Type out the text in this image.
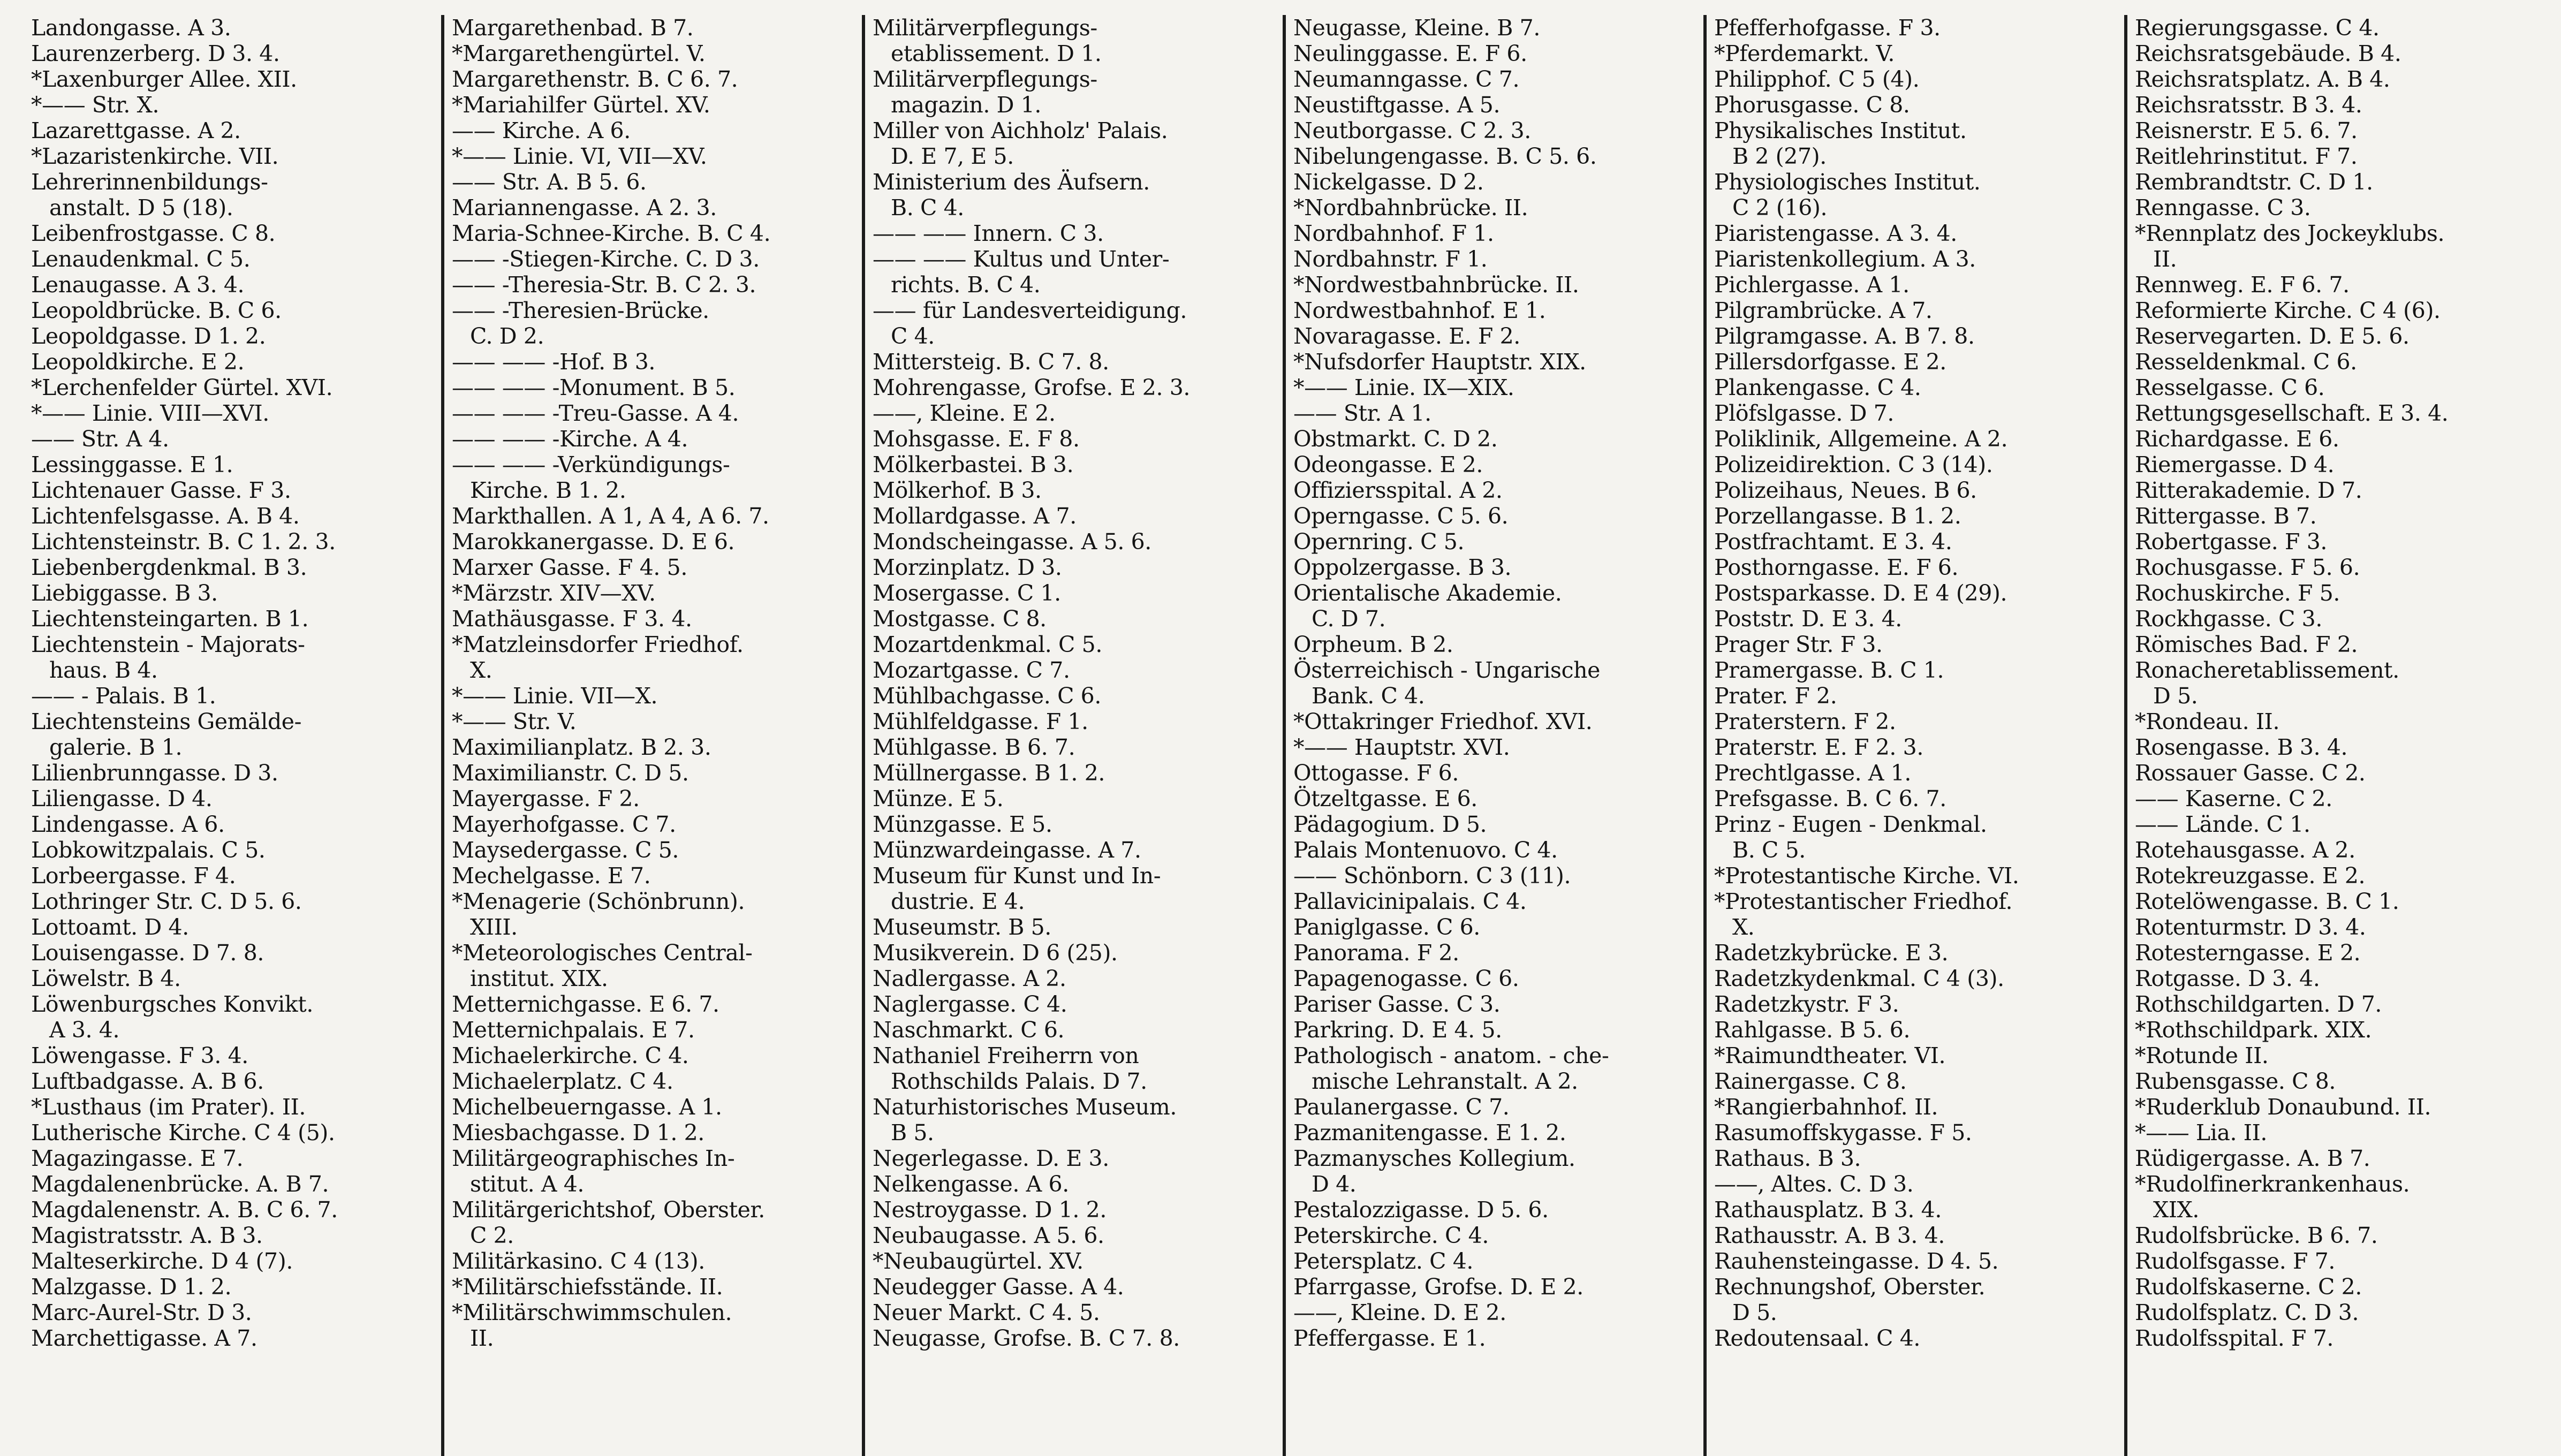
Landongasse. A 3.
Laurenzerberg. D 3. 4.
*Laxenburger Allee. XII.
*—— Str. X.
Lazarettgasse. A 2.
*Lazaristenkirche. VII.
Lehrerinnenbildungs-
anstalt. D 5 (18).
Leibenfrostgasse. C 8.
Lenaudenkmal. C 5.
Lenaugasse. A 3. 4.
Leopoldbrücke. B. C 6.
Leopoldgasse. D 1. 2.
Leopoldkirche. E 2.
*Lerchenfelder Gürtel. XVI.
*—— Linie. VIII—XVI.
—— Str. A 4.
Lessinggasse. E 1.
Lichtenauer Gasse. F 3.
Lichtenfelsgasse. A. B 4.
Lichtensteinstr. B. C 1. 2. 3.
Liebenbergdenkmal. B 3.
Liebiggasse. B 3.
Liechtensteingarten. B 1.
Liechtenstein - Majorats-
haus. B 4.
—— - Palais. B 1.
Liechtensteins Gemälde-
galerie. B 1.
Lilienbrunngasse. D 3.
Liliengasse. D 4.
Lindengasse. A 6.
Lobkowitzpalais. C 5.
Lorbeergasse. F 4.
Lothringer Str. C. D 5. 6.
Lottoamt. D 4.
Louisengasse. D 7. 8.
Löwelstr. B 4.
Löwenburgsches Konvikt.
A 3. 4.
Löwengasse. F 3. 4.
Luftbadgasse. A. B 6.
*Lusthaus (im Prater). II.
Lutherische Kirche. C 4 (5).
Magazingasse. E 7.
Magdalenenbrücke. A. B 7.
Magdalenenstr. A. B. C 6. 7.
Magistratsstr. A. B 3.
Malteserkirche. D 4 (7).
Malzgasse. D 1. 2.
Marc-Aurel-Str. D 3.
Marchettigasse. A 7.
Margarethenbad. B 7.
*Margarethengürtel. V.
Margarethenstr. B. C 6. 7.
*Mariahilfer Gürtel. XV.
—— Kirche. A 6.
*—— Linie. VI, VII—XV.
—— Str. A. B 5. 6.
Mariannengasse. A 2. 3.
Maria-Schnee-Kirche. B. C 4.
—— -Stiegen-Kirche. C. D 3.
—— -Theresia-Str. B. C 2. 3.
—— -Theresien-Brücke.
C. D 2.
—— —— -Hof. B 3.
—— —— -Monument. B 5.
—— —— -Treu-Gasse. A 4.
—— —— -Kirche. A 4.
—— —— -Verkündigungs-
Kirche. B 1. 2.
Markthallen. A 1, A 4, A 6. 7.
Marokkanergasse. D. E 6.
Marxer Gasse. F 4. 5.
*Märzstr. XIV—XV.
Mathäusgasse. F 3. 4.
*Matzleinsdorfer Friedhof.
X.
*—— Linie. VII—X.
*—— Str. V.
Maximilianplatz. B 2. 3.
Maximilianstr. C. D 5.
Mayergasse. F 2.
Mayerhofgasse. C 7.
Maysedergasse. C 5.
Mechelgasse. E 7.
*Menagerie (Schönbrunn).
XIII.
*Meteorologisches Central-
institut. XIX.
Metternichgasse. E 6. 7.
Metternichpalais. E 7.
Michaelerkirche. C 4.
Michaelerplatz. C 4.
Michelbeuerngasse. A 1.
Miesbachgasse. D 1. 2.
Militärgeographisches In-
stitut. A 4.
Militärgerichtshof, Oberster.
C 2.
Militärkasino. C 4 (13).
*Militärschiefsstände. II.
*Militärschwimmschulen.
II.
Militärverpflegungs-
etablissement. D 1.
Militärverpflegungs-
magazin. D 1.
Miller von Aichholz' Palais.
D. E 7, E 5.
Ministerium des Äufsern.
B. C 4.
—— —— Innern. C 3.
—— —— Kultus und Unter-
richts. B. C 4.
—— für Landesverteidigung.
C 4.
Mittersteig. B. C 7. 8.
Mohrengasse, Grofse. E 2. 3.
——, Kleine. E 2.
Mohsgasse. E. F 8.
Mölkerbastei. B 3.
Mölkerhof. B 3.
Mollardgasse. A 7.
Mondscheingasse. A 5. 6.
Morzinplatz. D 3.
Mosergasse. C 1.
Mostgasse. C 8.
Mozartdenkmal. C 5.
Mozartgasse. C 7.
Mühlbachgasse. C 6.
Mühlfeldgasse. F 1.
Mühlgasse. B 6. 7.
Müllnergasse. B 1. 2.
Münze. E 5.
Münzgasse. E 5.
Münzwardeingasse. A 7.
Museum für Kunst und In-
dustrie. E 4.
Museumstr. B 5.
Musikverein. D 6 (25).
Nadlergasse. A 2.
Naglergasse. C 4.
Naschmarkt. C 6.
Nathaniel Freiherrn von
Rothschilds Palais. D 7.
Naturhistorisches Museum.
B 5.
Negerlegasse. D. E 3.
Nelkengasse. A 6.
Nestroygasse. D 1. 2.
Neubaugasse. A 5. 6.
*Neubaugürtel. XV.
Neudegger Gasse. A 4.
Neuer Markt. C 4. 5.
Neugasse, Grofse. B. C 7. 8.
Neugasse, Kleine. B 7.
Neulinggasse. E. F 6.
Neumanngasse. C 7.
Neustiftgasse. A 5.
Neutborgasse. C 2. 3.
Nibelungengasse. B. C 5. 6.
Nickelgasse. D 2.
*Nordbahnbrücke. II.
Nordbahnhof. F 1.
Nordbahnstr. F 1.
*Nordwestbahnbrücke. II.
Nordwestbahnhof. E 1.
Novaragasse. E. F 2.
*Nufsdorfer Hauptstr. XIX.
*—— Linie. IX—XIX.
—— Str. A 1.
Obstmarkt. C. D 2.
Odeongasse. E 2.
Offiziersspital. A 2.
Operngasse. C 5. 6.
Opernring. C 5.
Oppolzergasse. B 3.
Orientalische Akademie.
C. D 7.
Orpheum. B 2.
Österreichisch - Ungarische
Bank. C 4.
*Ottakringer Friedhof. XVI.
*—— Hauptstr. XVI.
Ottogasse. F 6.
Ötzeltgasse. E 6.
Pädagogium. D 5.
Palais Montenuovo. C 4.
—— Schönborn. C 3 (11).
Pallavicinipalais. C 4.
Paniglgasse. C 6.
Panorama. F 2.
Papagenogasse. C 6.
Pariser Gasse. C 3.
Parkring. D. E 4. 5.
Pathologisch - anatom. - che-
mische Lehranstalt. A 2.
Paulanergasse. C 7.
Pazmanitengasse. E 1. 2.
Pazmanysches Kollegium.
D 4.
Pestalozzigasse. D 5. 6.
Peterskirche. C 4.
Petersplatz. C 4.
Pfarrgasse, Grofse. D. E 2.
——, Kleine. D. E 2.
Pfeffergasse. E 1.
Pfefferhofgasse. F 3.
*Pferdemarkt. V.
Philipphof. C 5 (4).
Phorusgasse. C 8.
Physikalisches Institut.
B 2 (27).
Physiologisches Institut.
C 2 (16).
Piaristengasse. A 3. 4.
Piaristenkollegium. A 3.
Pichlergasse. A 1.
Pilgrambrücke. A 7.
Pilgramgasse. A. B 7. 8.
Pillersdorfgasse. E 2.
Plankengasse. C 4.
Plöfslgasse. D 7.
Poliklinik, Allgemeine. A 2.
Polizeidirektion. C 3 (14).
Polizeihaus, Neues. B 6.
Porzellangasse. B 1. 2.
Postfrachtamt. E 3. 4.
Posthorngasse. E. F 6.
Postsparkasse. D. E 4 (29).
Poststr. D. E 3. 4.
Prager Str. F 3.
Pramergasse. B. C 1.
Prater. F 2.
Praterstern. F 2.
Praterstr. E. F 2. 3.
Prechtlgasse. A 1.
Prefsgasse. B. C 6. 7.
Prinz - Eugen - Denkmal.
B. C 5.
*Protestantische Kirche. VI.
*Protestantischer Friedhof.
X.
Radetzkybrücke. E 3.
Radetzkydenkmal. C 4 (3).
Radetzkystr. F 3.
Rahlgasse. B 5. 6.
*Raimundtheater. VI.
Rainergasse. C 8.
*Rangierbahnhof. II.
Rasumoffskygasse. F 5.
Rathaus. B 3.
——, Altes. C. D 3.
Rathausplatz. B 3. 4.
Rathausstr. A. B 3. 4.
Rauhensteingasse. D 4. 5.
Rechnungshof, Oberster.
D 5.
Redoutensaal. C 4.
Regierungsgasse. C 4.
Reichsratsgebäude. B 4.
Reichsratsplatz. A. B 4.
Reichsratsstr. B 3. 4.
Reisnerstr. E 5. 6. 7.
Reitlehrinstitut. F 7.
Rembrandtstr. C. D 1.
Renngasse. C 3.
*Rennplatz des Jockeyklubs.
II.
Rennweg. E. F 6. 7.
Reformierte Kirche. C 4 (6).
Reservegarten. D. E 5. 6.
Resseldenkmal. C 6.
Resselgasse. C 6.
Rettungsgesellschaft. E 3. 4.
Richardgasse. E 6.
Riemergasse. D 4.
Ritterakademie. D 7.
Rittergasse. B 7.
Robertgasse. F 3.
Rochusgasse. F 5. 6.
Rochuskirche. F 5.
Rockhgasse. C 3.
Römisches Bad. F 2.
Ronacheretablissement.
D 5.
*Rondeau. II.
Rosengasse. B 3. 4.
Rossauer Gasse. C 2.
—— Kaserne. C 2.
—— Lände. C 1.
Rotehausgasse. A 2.
Rotekreuzgasse. E 2.
Rotelöwengasse. B. C 1.
Rotenturmstr. D 3. 4.
Rotesterngasse. E 2.
Rotgasse. D 3. 4.
Rothschildgarten. D 7.
*Rothschildpark. XIX.
*Rotunde II.
Rubensgasse. C 8.
*Ruderklub Donaubund. II.
*—— Lia. II.
Rüdigergasse. A. B 7.
*Rudolfinerkrankenhaus.
XIX.
Rudolfsbrücke. B 6. 7.
Rudolfsgasse. F 7.
Rudolfskaserne. C 2.
Rudolfsplatz. C. D 3.
Rudolfsspital. F 7.
